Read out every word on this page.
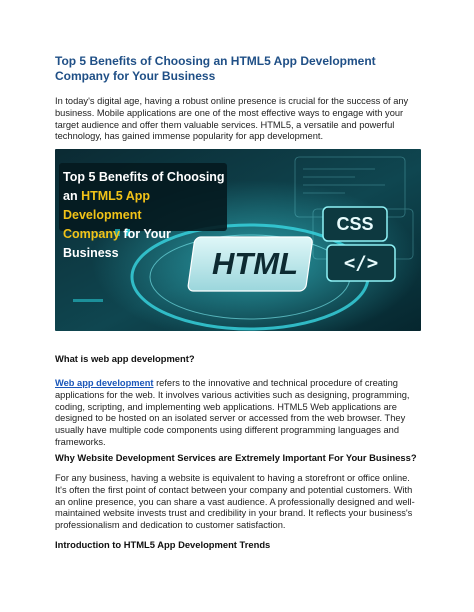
Top 5 Benefits of Choosing an HTML5 App Development Company for Your Business

In today's digital age, having a robust online presence is crucial for the success of any business. Mobile applications are one of the most effective ways to engage with your target audience and offer them valuable services. HTML5, a versatile and powerful technology, has gained immense popularity for app development.

Top 5 Benefits of Choosing
an HTML5 App Development
Company for Your Business	HTML
CSS
</>
What is web app development?

Web app development refers to the innovative and technical procedure of creating applications for the web. It involves various activities such as designing, programming, coding, scripting, and implementing web applications. HTML5 Web applications are designed to be hosted on an isolated server or accessed from the web browser. They usually have multiple code components using different programming languages and frameworks.

Why Website Development Services are Extremely Important For Your Business?

For any business, having a website is equivalent to having a storefront or office online. It's often the first point of contact between your company and potential customers. With an online presence, you can share a vast audience. A professionally designed and well-maintained website invests trust and credibility in your brand. It reflects your business's professionalism and dedication to customer satisfaction.

Introduction to HTML5 App Development Trends
